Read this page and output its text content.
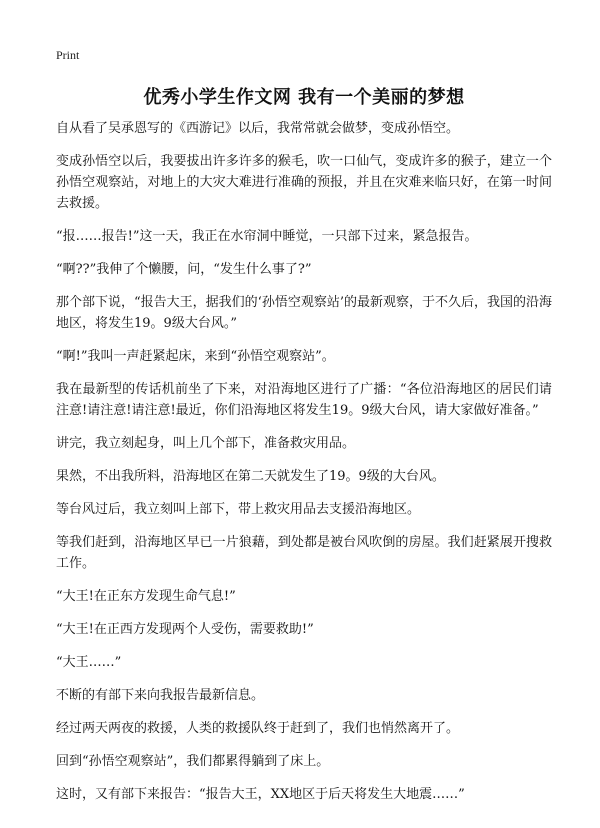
Print
优秀小学生作文网 我有一个美丽的梦想

自从看了吴承恩写的《西游记》以后，我常常就会做梦，变成孙悟空。

变成孙悟空以后，我要拔出许多许多的猴毛，吹一口仙气，变成许多的猴子，建立一个孙悟空观察站，对地上的大灾大难进行准确的预报，并且在灾难来临只好，在第一时间去救援。

“报……报告!”这一天，我正在水帘洞中睡觉，一只部下过来，紧急报告。

“啊??”我伸了个懒腰，问，“发生什么事了?”

那个部下说，“报告大王，据我们的‘孙悟空观察站’的最新观察，于不久后，我国的沿海地区，将发生19。9级大台风。”

“啊!”我叫一声赶紧起床，来到“孙悟空观察站”。

我在最新型的传话机前坐了下来，对沿海地区进行了广播：“各位沿海地区的居民们请注意!请注意!请注意!最近，你们沿海地区将发生19。9级大台风，请大家做好准备。”

讲完，我立刻起身，叫上几个部下，准备救灾用品。

果然，不出我所料，沿海地区在第二天就发生了19。9级的大台风。

等台风过后，我立刻叫上部下，带上救灾用品去支援沿海地区。

等我们赶到，沿海地区早已一片狼藉，到处都是被台风吹倒的房屋。我们赶紧展开搜救工作。

“大王!在正东方发现生命气息!”

“大王!在正西方发现两个人受伤，需要救助!”

“大王……”

不断的有部下来向我报告最新信息。

经过两天两夜的救援，人类的救援队终于赶到了，我们也悄然离开了。

回到“孙悟空观察站”，我们都累得躺到了床上。

这时，又有部下来报告：“报告大王，XX地区于后天将发生大地震……”
